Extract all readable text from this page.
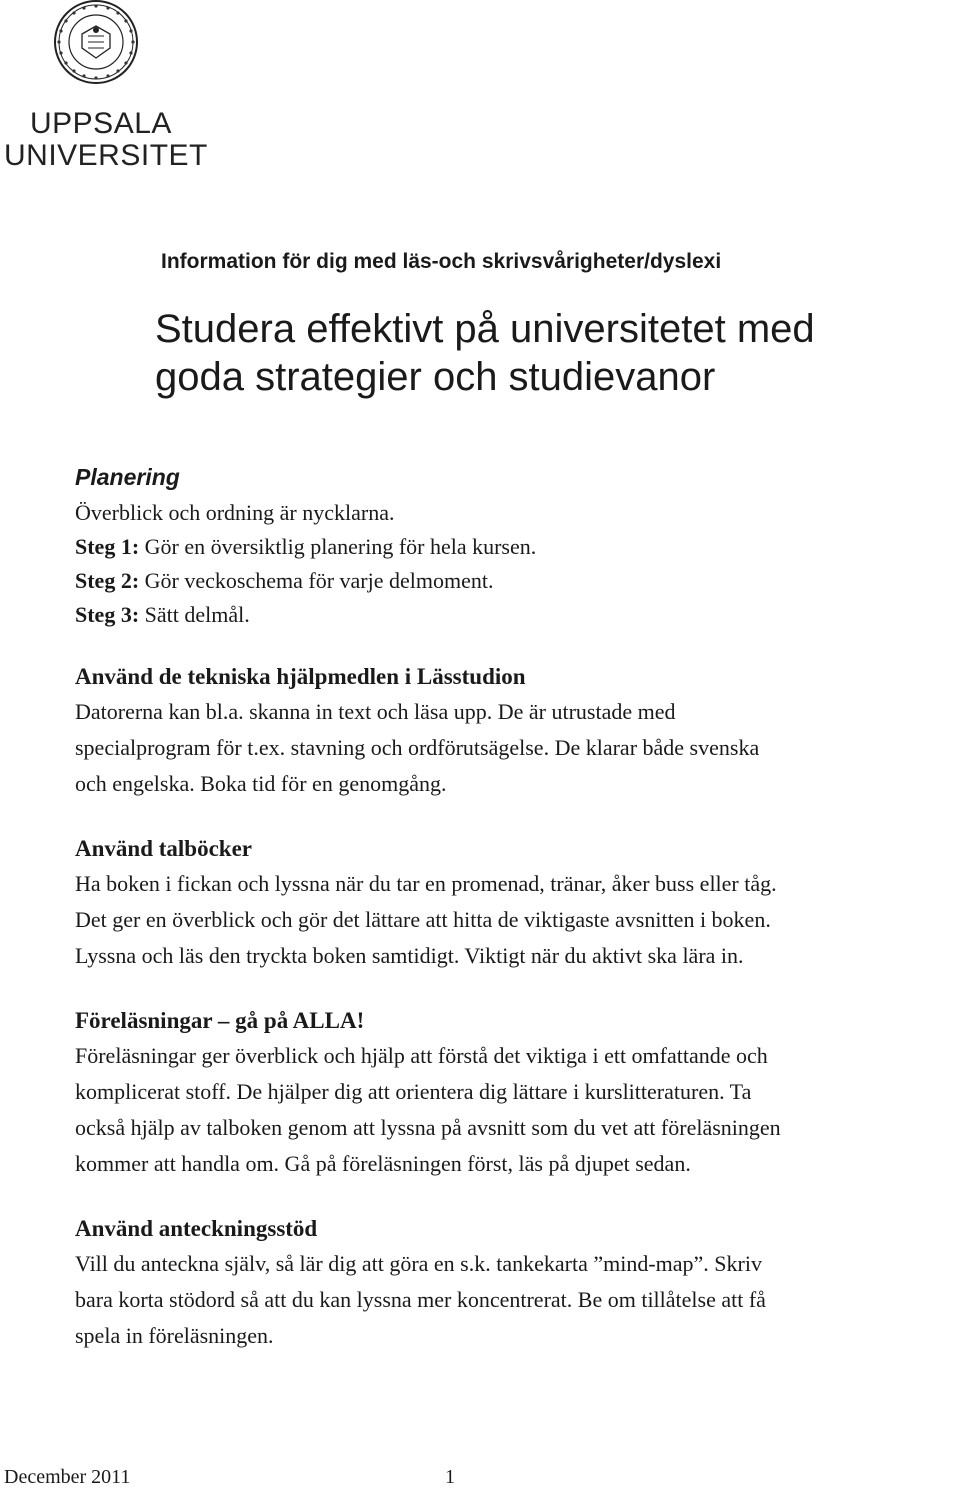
UPPSALA
UNIVERSITET
Information för dig med läs-och skrivsvårigheter/dyslexi
Studera effektivt på universitetet med
goda strategier och studievanor
Planering

Överblick och ordning är nycklarna.

Steg 1: Gör en översiktlig planering för hela kursen.

Steg 2: Gör veckoschema för varje delmoment.

Steg 3: Sätt delmål.

Använd de tekniska hjälpmedlen i Lässtudion

Datorerna kan bl.a. skanna in text och läsa upp. De är utrustade med
specialprogram för t.ex. stavning och ordförutsägelse. De klarar både svenska
och engelska. Boka tid för en genomgång.

Använd talböcker

Ha boken i fickan och lyssna när du tar en promenad, tränar, åker buss eller tåg.
Det ger en överblick och gör det lättare att hitta de viktigaste avsnitten i boken.
Lyssna och läs den tryckta boken samtidigt. Viktigt när du aktivt ska lära in.

Föreläsningar – gå på ALLA!

Föreläsningar ger överblick och hjälp att förstå det viktiga i ett omfattande och
komplicerat stoff. De hjälper dig att orientera dig lättare i kurslitteraturen. Ta
också hjälp av talboken genom att lyssna på avsnitt som du vet att föreläsningen
kommer att handla om. Gå på föreläsningen först, läs på djupet sedan.

Använd anteckningsstöd

Vill du anteckna själv, så lär dig att göra en s.k. tankekarta ”mind-map”. Skriv
bara korta stödord så att du kan lyssna mer koncentrerat. Be om tillåtelse att få
spela in föreläsningen.

December 2011	1
